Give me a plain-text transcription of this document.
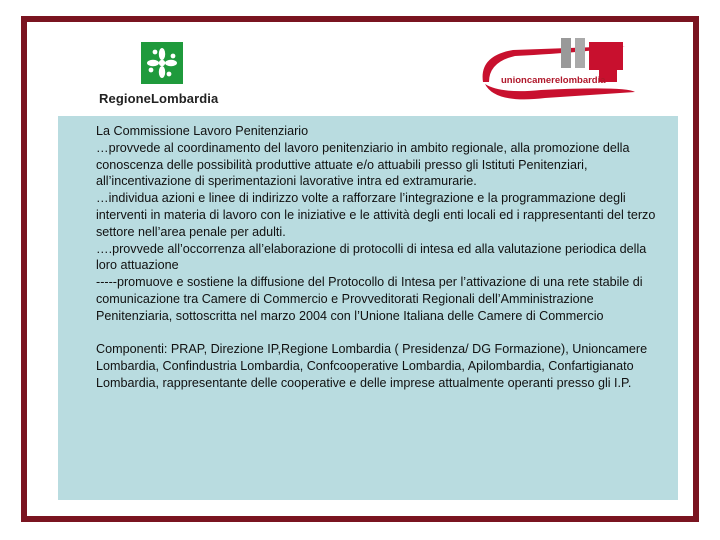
RegioneLombardia
unioncamerelombardia

La Commissione Lavoro Penitenziario

…provvede al coordinamento del lavoro penitenziario in ambito regionale, alla promozione della conoscenza delle possibilità produttive attuate e/o attuabili presso gli Istituti Penitenziari, all’incentivazione di sperimentazioni lavorative intra ed extramurarie.

…individua azioni e linee di indirizzo volte a rafforzare l’integrazione e la programmazione degli interventi in materia di lavoro con le iniziative e le attività degli enti locali ed i rappresentanti del terzo settore nell’area penale per adulti.

….provvede all’occorrenza all’elaborazione di protocolli di intesa ed alla valutazione periodica della loro attuazione

-----promuove e sostiene la diffusione del Protocollo di Intesa per l’attivazione di una rete stabile di comunicazione tra Camere di Commercio e Provveditorati Regionali dell’Amministrazione Penitenziaria, sottoscritta nel marzo 2004 con l’Unione Italiana delle Camere di Commercio

Componenti: PRAP, Direzione IP,Regione Lombardia ( Presidenza/ DG Formazione), Unioncamere Lombardia, Confindustria Lombardia, Confcooperative Lombardia, Apilombardia, Confartigianato Lombardia, rappresentante delle cooperative e delle imprese attualmente operanti presso gli I.P.
